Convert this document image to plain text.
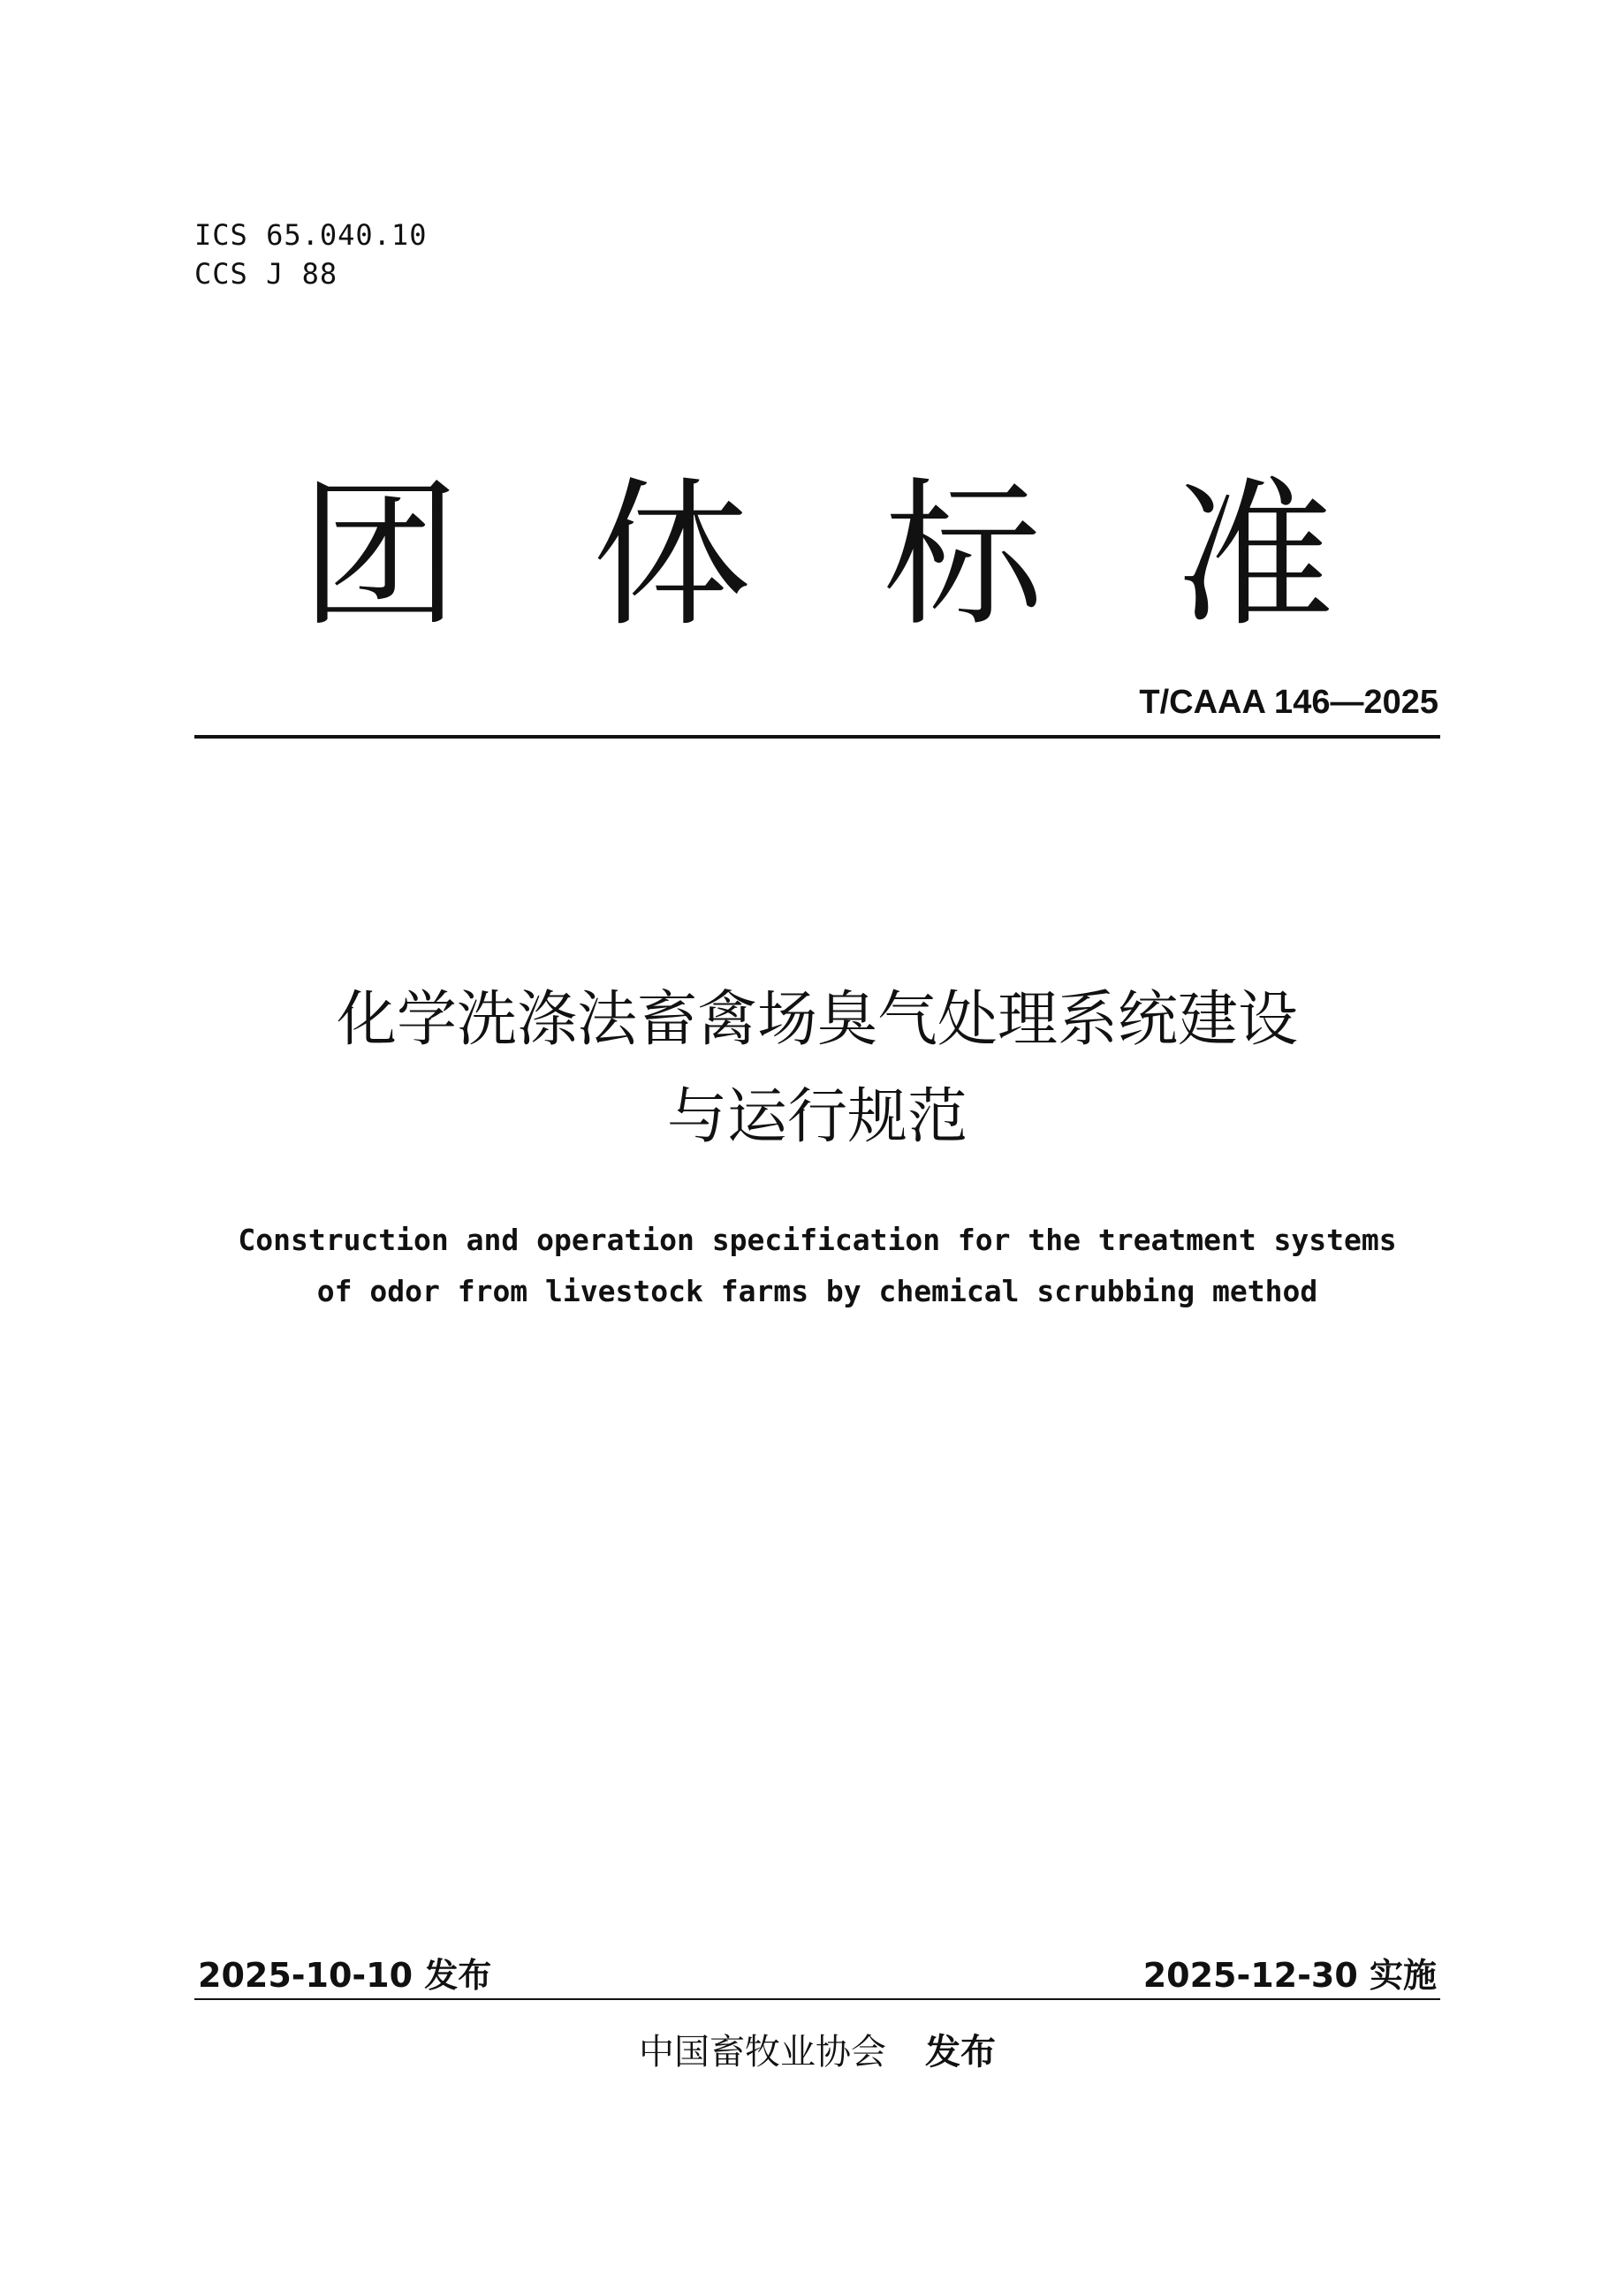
ICS 65.040.10
CCS J 88
团 体 标 准
T/CAAA 146—2025
化学洗涤法畜禽场臭气处理系统建设
与运行规范
Construction and operation specification for the treatment systems
of odor from livestock farms by chemical scrubbing method
2025-10-10 发布	2025-12-30 实施
中国畜牧业协会 发布
